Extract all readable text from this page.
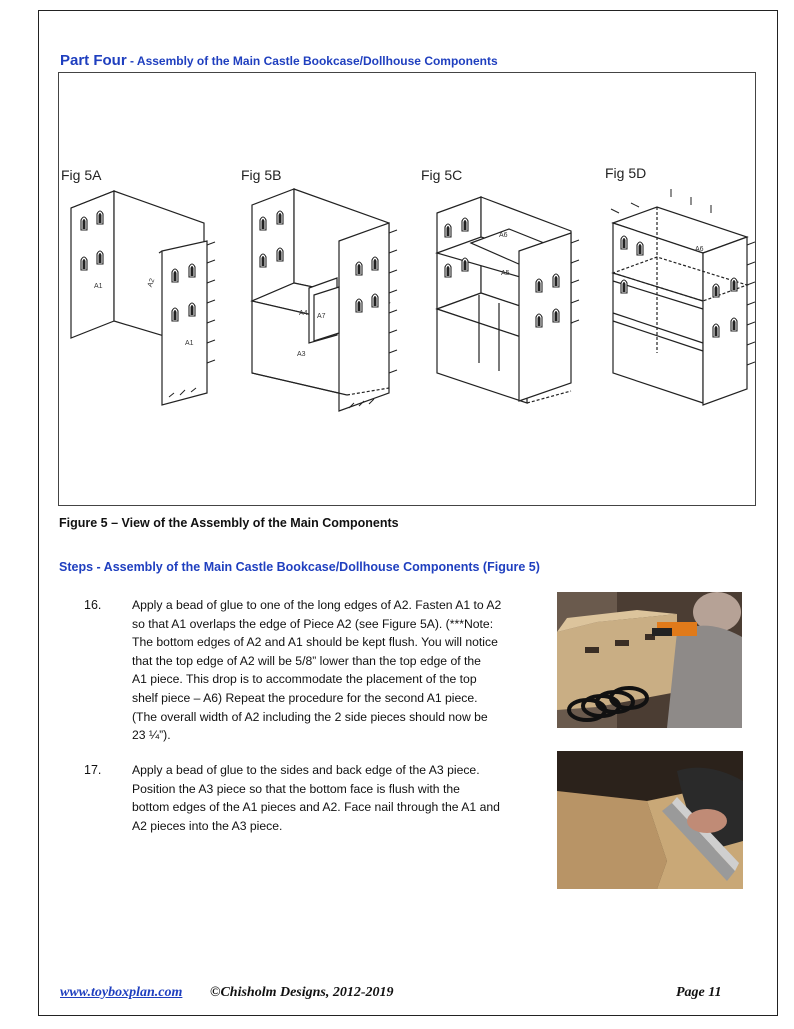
Part Four - Assembly of the Main Castle Bookcase/Dollhouse Components
Fig 5A	Fig 5B	Fig 5C	Fig 5D
A1	A2
A1
A4 A7
A3
A6
A5
A6
Figure 5 – View of the Assembly of the Main Components
Steps - Assembly of the Main Castle Bookcase/Dollhouse Components (Figure 5)
16.	Apply a bead of glue to one of the long edges of A2. Fasten A1 to A2
so that A1 overlaps the edge of Piece A2 (see Figure 5A). (***Note:
The bottom edges of A2 and A1 should be kept flush. You will notice
that the top edge of A2 will be 5/8” lower than the top edge of the
A1 piece. This drop is to accommodate the placement of the top
shelf piece – A6) Repeat the procedure for the second A1 piece.
(The overall width of A2 including the 2 side pieces should now be
23 ¼”).
17.	Apply a bead of glue to the sides and back edge of the A3 piece.
Position the A3 piece so that the bottom face is flush with the
bottom edges of the A1 pieces and A2. Face nail through the A1 and
A2 pieces into the A3 piece.
www.toyboxplan.com ©Chisholm Designs, 2012-2019	Page 11
